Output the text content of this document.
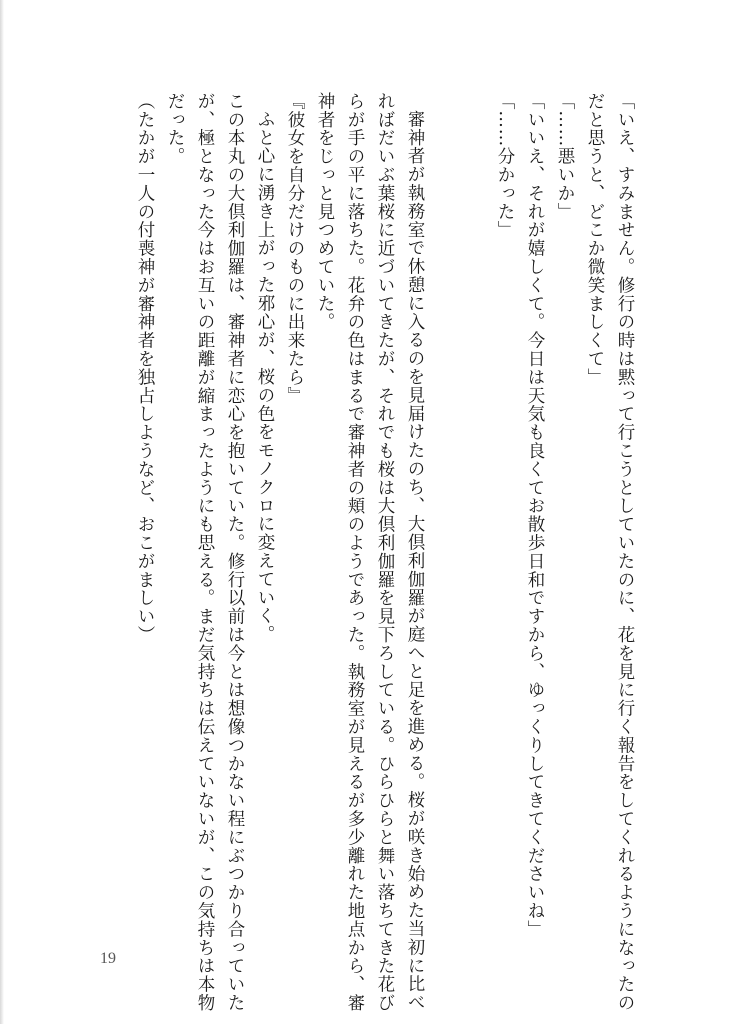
「いえ、すみません。修行の時は黙って行こうとしていたのに、花を見に行く報告をしてくれるようになったの
だと思うと、どこか微笑ましくて」
「……悪いか」
「いいえ、それが嬉しくて。今日は天気も良くてお散歩日和ですから、ゆっくりしてきてくださいね」
「……分かった」
審神者が執務室で休憩に入るのを見届けたのち、大倶利伽羅が庭へと足を進める。桜が咲き始めた当初に比べ
ればだいぶ葉桜に近づいてきたが、それでも桜は大倶利伽羅を見下ろしている。ひらひらと舞い落ちてきた花び
らが手の平に落ちた。花弁の色はまるで審神者の頬のようであった。執務室が見えるが多少離れた地点から、審
神者をじっと見つめていた。
『彼女を自分だけのものに出来たら』
ふと心に湧き上がった邪心が、桜の色をモノクロに変えていく。
この本丸の大倶利伽羅は、審神者に恋心を抱いていた。修行以前は今とは想像つかない程にぶつかり合っていた
が、極となった今はお互いの距離が縮まったようにも思える。まだ気持ちは伝えていないが、この気持ちは本物
だった。
（たかが一人の付喪神が審神者を独占しようなど、おこがましい）
19
